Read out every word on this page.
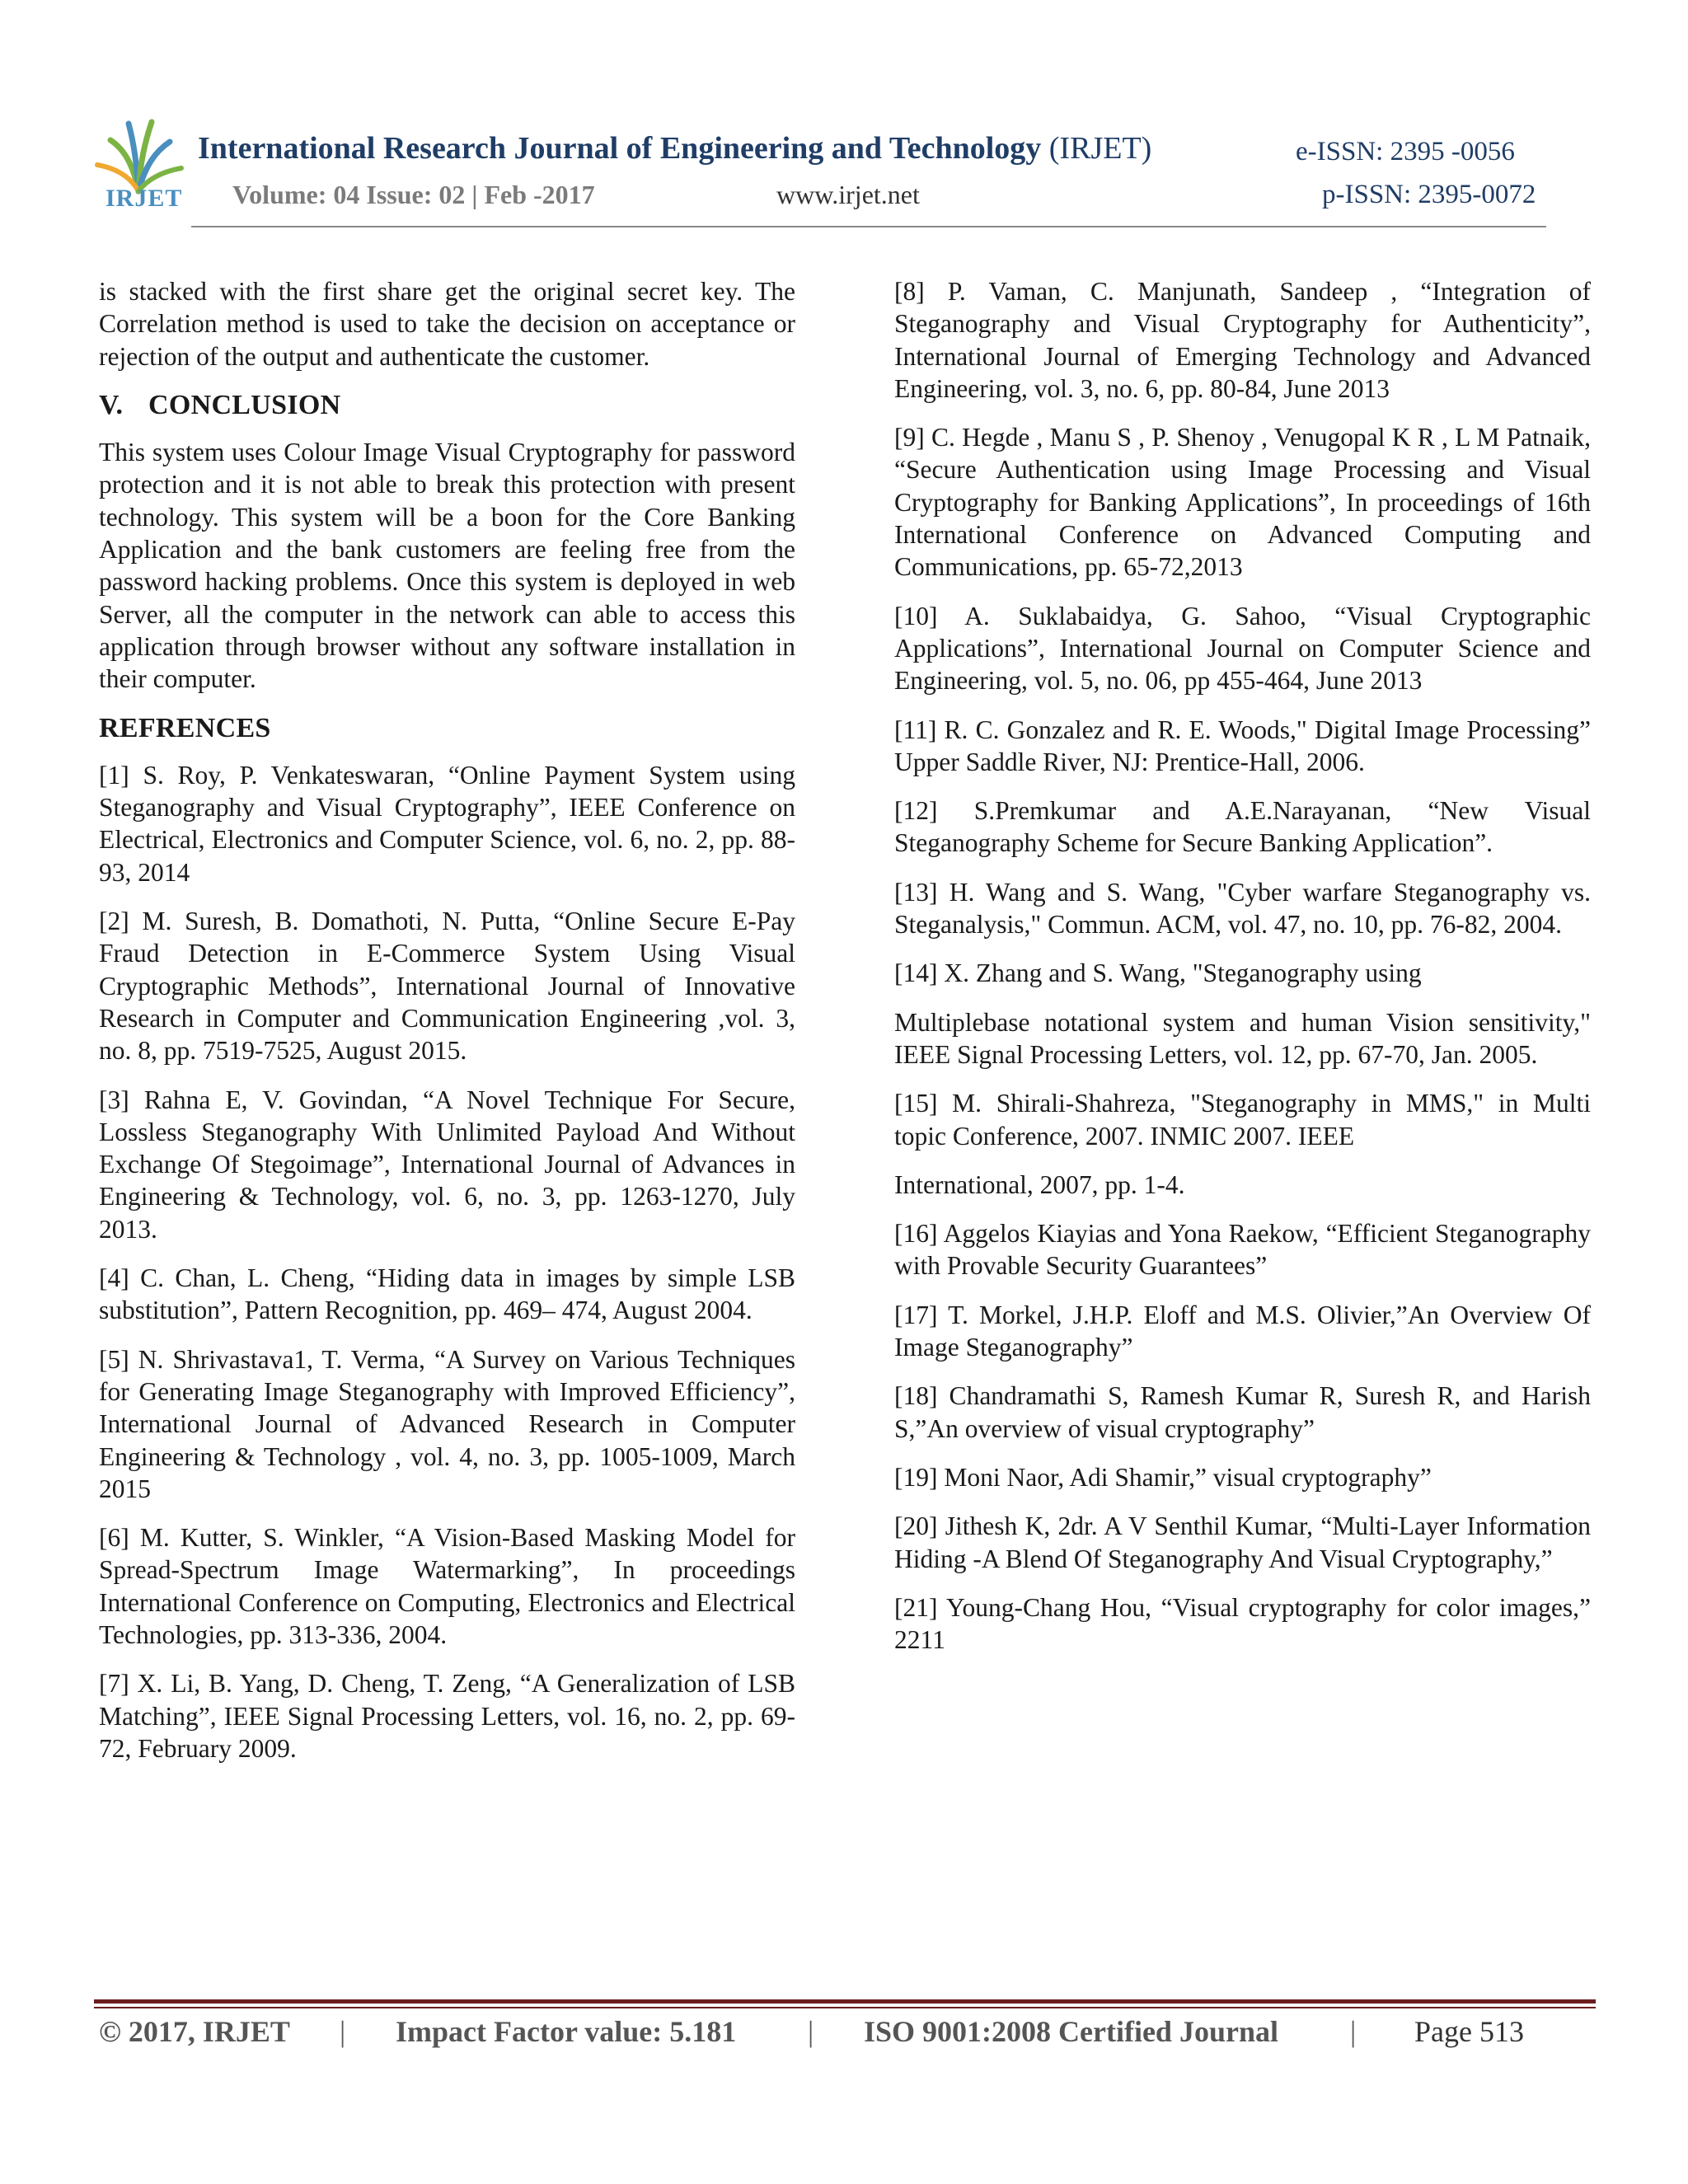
IRJET
International Research Journal of Engineering and Technology (IRJET)	e-ISSN: 2395 -0056
Volume: 04 Issue: 02 | Feb -2017	www.irjet.net	p-ISSN: 2395-0072

is stacked with the first share get the original secret key. The Correlation method is used to take the decision on acceptance or rejection of the output and authenticate the customer.

V. CONCLUSION

This system uses Colour Image Visual Cryptography for password protection and it is not able to break this protection with present technology. This system will be a boon for the Core Banking Application and the bank customers are feeling free from the password hacking problems. Once this system is deployed in web Server, all the computer in the network can able to access this application through browser without any software installation in their computer.

REFRENCES

[1] S. Roy, P. Venkateswaran, “Online Payment System using Steganography and Visual Cryptography”, IEEE Conference on Electrical, Electronics and Computer Science, vol. 6, no. 2, pp. 88-93, 2014

[2] M. Suresh, B. Domathoti, N. Putta, “Online Secure E-Pay Fraud Detection in E-Commerce System Using Visual Cryptographic Methods”, International Journal of Innovative Research in Computer and Communication Engineering ,vol. 3, no. 8, pp. 7519-7525, August 2015.

[3] Rahna E, V. Govindan, “A Novel Technique For Secure, Lossless Steganography With Unlimited Payload And Without Exchange Of Stegoimage”, International Journal of Advances in Engineering & Technology, vol. 6, no. 3, pp. 1263-1270, July 2013.

[4] C. Chan, L. Cheng, “Hiding data in images by simple LSB substitution”, Pattern Recognition, pp. 469– 474, August 2004.

[5] N. Shrivastava1, T. Verma, “A Survey on Various Techniques for Generating Image Steganography with Improved Efficiency”, International Journal of Advanced Research in Computer Engineering & Technology , vol. 4, no. 3, pp. 1005-1009, March 2015

[6] M. Kutter, S. Winkler, “A Vision-Based Masking Model for Spread-Spectrum Image Watermarking”, In proceedings International Conference on Computing, Electronics and Electrical Technologies, pp. 313-336, 2004.

[7] X. Li, B. Yang, D. Cheng, T. Zeng, “A Generalization of LSB Matching”, IEEE Signal Processing Letters, vol. 16, no. 2, pp. 69-72, February 2009.

[8] P. Vaman, C. Manjunath, Sandeep , “Integration of Steganography and Visual Cryptography for Authenticity”, International Journal of Emerging Technology and Advanced Engineering, vol. 3, no. 6, pp. 80-84, June 2013

[9] C. Hegde , Manu S , P. Shenoy , Venugopal K R , L M Patnaik, “Secure Authentication using Image Processing and Visual Cryptography for Banking Applications”, In proceedings of 16th International Conference on Advanced Computing and Communications, pp. 65-72,2013

[10] A. Suklabaidya, G. Sahoo, “Visual Cryptographic Applications”, International Journal on Computer Science and Engineering, vol. 5, no. 06, pp 455-464, June 2013

[11] R. C. Gonzalez and R. E. Woods," Digital Image Processing” Upper Saddle River, NJ: Prentice-Hall, 2006.

[12] S.Premkumar and A.E.Narayanan, “New Visual Steganography Scheme for Secure Banking Application”.

[13] H. Wang and S. Wang, "Cyber warfare Steganography vs. Steganalysis," Commun. ACM, vol. 47, no. 10, pp. 76-82, 2004.

[14] X. Zhang and S. Wang, "Steganography using

Multiplebase notational system and human Vision sensitivity," IEEE Signal Processing Letters, vol. 12, pp. 67-70, Jan. 2005.

[15] M. Shirali-Shahreza, "Steganography in MMS," in Multi topic Conference, 2007. INMIC 2007. IEEE

International, 2007, pp. 1-4.

[16] Aggelos Kiayias and Yona Raekow, “Efficient Steganography with Provable Security Guarantees”

[17] T. Morkel, J.H.P. Eloff and M.S. Olivier,”An Overview Of Image Steganography”

[18] Chandramathi S, Ramesh Kumar R, Suresh R, and Harish S,”An overview of visual cryptography”

[19] Moni Naor, Adi Shamir,” visual cryptography”

[20] Jithesh K, 2dr. A V Senthil Kumar, “Multi-Layer Information Hiding -A Blend Of Steganography And Visual Cryptography,”

[21] Young-Chang Hou, “Visual cryptography for color images,” 2211

© 2017, IRJET | Impact Factor value: 5.181 | ISO 9001:2008 Certified Journal | Page 513
